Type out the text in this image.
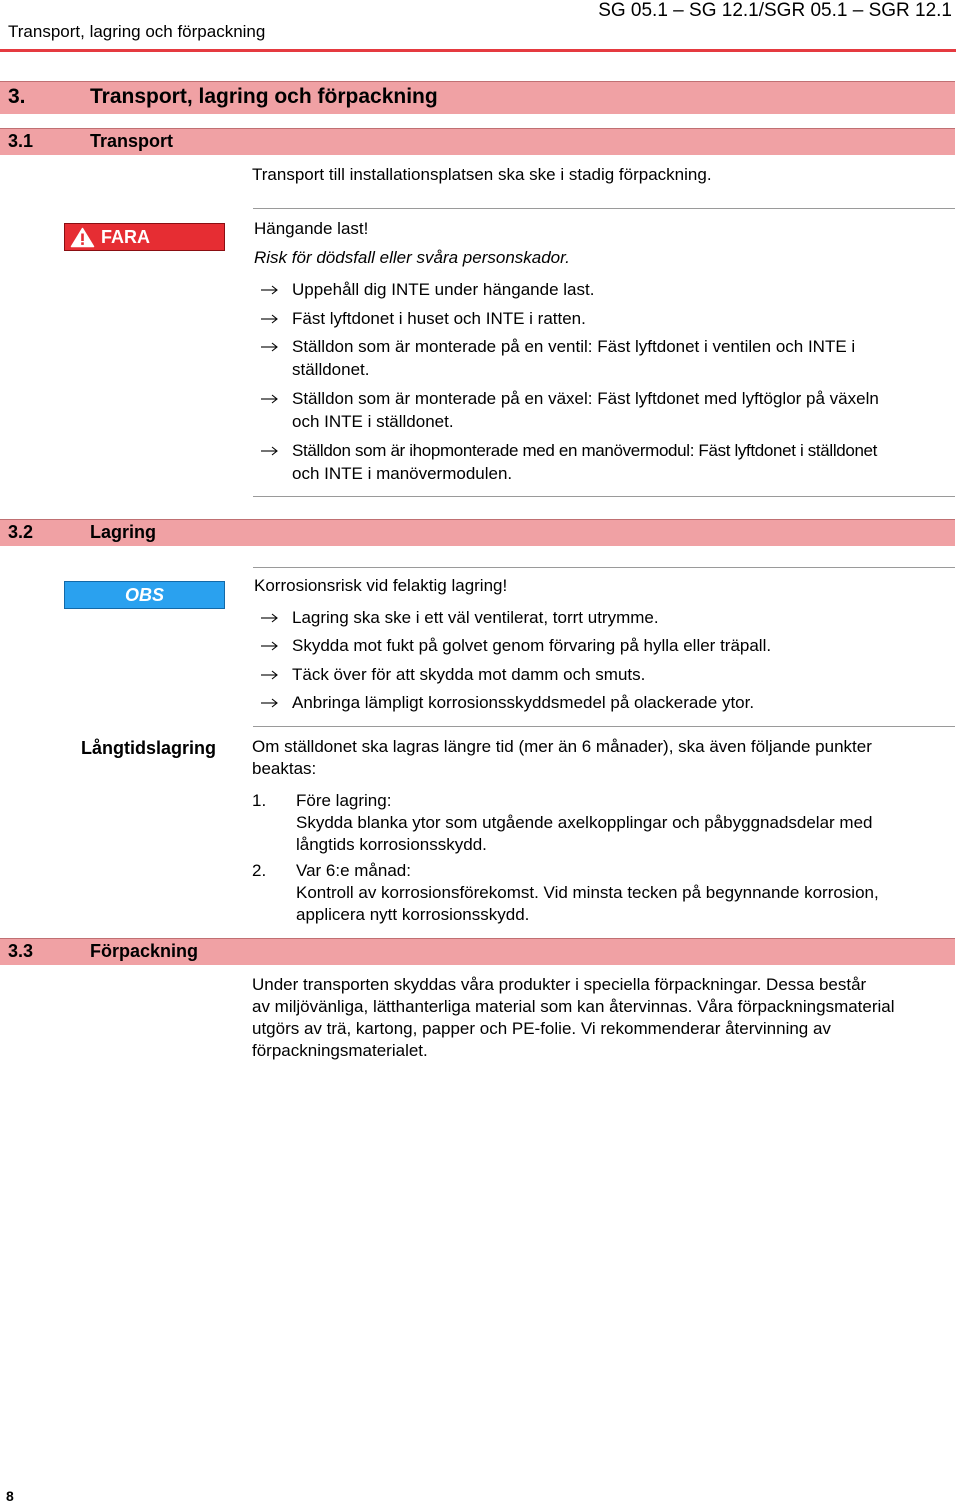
Transport, lagring och förpackning
SG 05.1 – SG 12.1/SGR 05.1 – SGR 12.1
3.	Transport, lagring och förpackning
3.1	Transport
Transport till installationsplatsen ska ske i stadig förpackning.
FARA	Hängande last!
Risk för dödsfall eller svåra personskador.
Uppehåll dig INTE under hängande last.
Fäst lyftdonet i huset och INTE i ratten.
Ställdon som är monterade på en ventil: Fäst lyftdonet i ventilen och INTE i
ställdonet.
Ställdon som är monterade på en växel: Fäst lyftdonet med lyftöglor på växeln
och INTE i ställdonet.
Ställdon som är ihopmonterade med en manövermodul: Fäst lyftdonet i ställdonet
och INTE i manövermodulen.
3.2	Lagring
OBS	Korrosionsrisk vid felaktig lagring!
Lagring ska ske i ett väl ventilerat, torrt utrymme.
Skydda mot fukt på golvet genom förvaring på hylla eller träpall.
Täck över för att skydda mot damm och smuts.
Anbringa lämpligt korrosionsskyddsmedel på olackerade ytor.
Långtidslagring Om ställdonet ska lagras längre tid (mer än 6 månader), ska även följande punkter
beaktas:
1. Före lagring:
Skydda blanka ytor som utgående axelkopplingar och påbyggnadsdelar med
långtids korrosionsskydd.
2. Var 6:e månad:
Kontroll av korrosionsförekomst. Vid minsta tecken på begynnande korrosion,
applicera nytt korrosionsskydd.
3.3	Förpackning
Under transporten skyddas våra produkter i speciella förpackningar. Dessa består
av miljövänliga, lätthanterliga material som kan återvinnas. Våra förpackningsmaterial
utgörs av trä, kartong, papper och PE-folie. Vi rekommenderar återvinning av
förpackningsmaterialet.
8
